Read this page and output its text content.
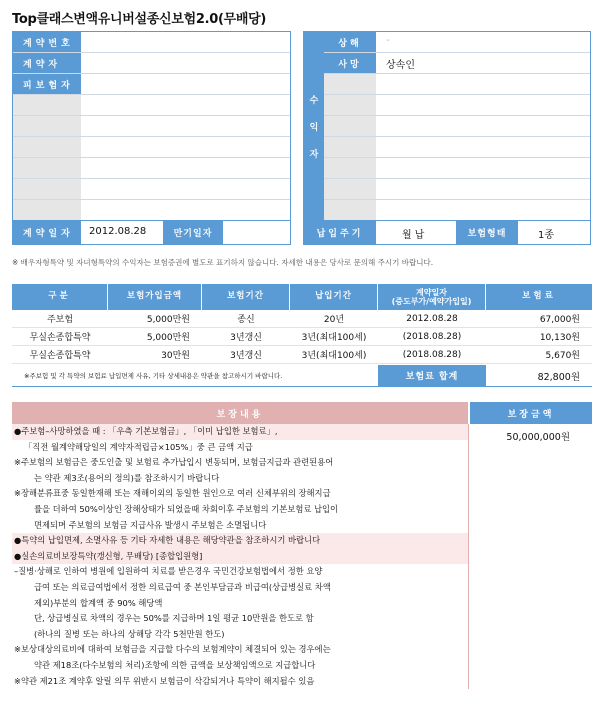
Top클래스변액유니버설종신보험2.0(무배당)
계약번호
계약자
피보험자
계약일자	2012.08.28	만기일자
수
익
자
상해	-
사망	상속인
납입주기	월납	보험형태	1종
※ 배우자형특약 및 자녀형특약의 수익자는 보험증권에 별도로 표기하지 않습니다. 자세한 내용은 당사로 문의해 주시기 바랍니다.
구분	보험가입금액	보험기간	납입기간	계약일자
(증도부가/예약가입일)
보험료
주보험	5,000만원	종신	20년	2012.08.28	67,000원
무실손종합특약	5,000만원	3년갱신	3년(최대100세)	(2018.08.28)	10,130원
무실손종합특약	30만원	3년갱신	3년(최대100세)	(2018.08.28)	5,670원
※주보험 및 각 특약의 보험료 납입면제 사유, 기타 상세내용은 약관을 참고하시기 바랍니다.	보험료 합계	82,800원
보장내용	보장금액
●주보험–사망하였을 때 : 「우측 기본보험금」, 「이미 납입한 보험료」,
「직전 월계약해당일의 계약자적립금×105%」중 큰 금액 지급
※주보험의 보험금은 중도인출 및 보험료 추가납입시 변동되며, 보험금지급과 관련된용어
는 약관 제3조(용어의 정의)를 참조하시기 바랍니다
※장해분류표중 동일한재해 또는 재해이외의 동일한 원인으로 여러 신체부위의 장해지급
률을 더하여 50%이상인 장해상태가 되었을때 차회이후 주보험의 기본보험료 납입이
면제되며 주보험의 보험금 지급사유 발생시 주보험은 소멸됩니다
●특약의 납입면제, 소멸사유 등 기타 자세한 내용은 해당약관을 참조하시기 바랍니다
●실손의료비보장특약(갱신형, 무배당) [종합입원형]
–질병·상해로 인하여 병원에 입원하여 치료를 받은경우 국민건강보험법에서 정한 요양
급여 또는 의료급여법에서 정한 의료급여 중 본인부담금과 비급여(상급병실료 차액
제외)부분의 합계액 중 90% 해당액
단, 상급병실료 차액의 경우는 50%를 지급하며 1일 평균 10만원을 한도로 함
(하나의 질병 또는 하나의 상해당 각각 5천만원 한도)
※보상대상의료비에 대하여 보험금을 지급할 다수의 보험계약이 체결되어 있는 경우에는
약관 제18조(다수보험의 처리)조항에 의한 금액을 보상책임액으로 지급합니다
※약관 제21조 계약후 알릴 의무 위반시 보험금이 삭감되거나 특약이 해지될수 있음
50,000,000원
